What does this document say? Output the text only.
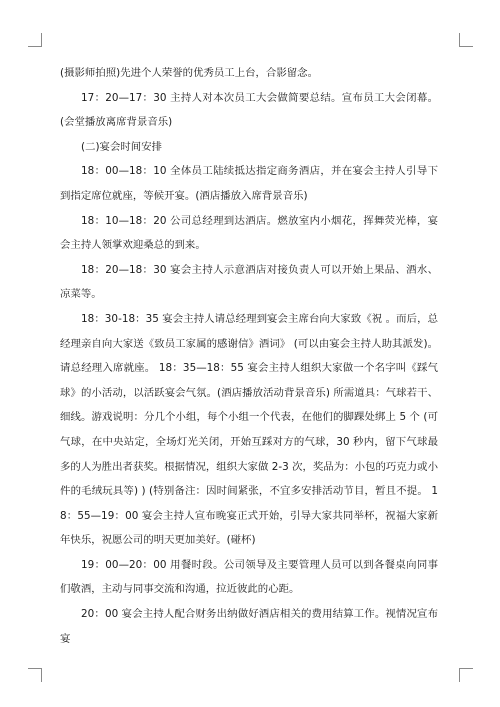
(摄影师拍照)先进个人荣誉的优秀员工上台，合影留念。

17：20—17：30 主持人对本次员工大会做简要总结。宣布员工大会闭幕。(会堂播放离席背景音乐)

(二)宴会时间安排

18：00—18：10 全体员工陆续抵达指定商务酒店，并在宴会主持人引导下到指定席位就座，等候开宴。(酒店播放入席背景音乐)

18：10—18：20 公司总经理到达酒店。燃放室内小烟花，挥舞荧光棒，宴会主持人领掌欢迎桑总的到来。

18：20—18：30 宴会主持人示意酒店对接负责人可以开始上果品、酒水、凉菜等。

18：30-18：35 宴会主持人请总经理到宴会主席台向大家致《祝 。而后，总经理亲自向大家送《致员工家属的感谢信》酒词》 (可以由宴会主持人助其派发)。请总经理入席就座。 18：35—18：55 宴会主持人组织大家做一个名字叫《踩气球》的小活动，以活跃宴会气氛。(酒店播放活动背景音乐) 所需道具：气球若干、细线。游戏说明：分几个小组，每个小组一个代表，在他们的脚踝处绑上 5 个 (可气球，在中央站定，全场灯光关闭，开始互踩对方的气球，30 秒内，留下气球最多的人为胜出者获奖。根据情况，组织大家做 2-3 次，奖品为：小包的巧克力或小件的毛绒玩具等) ) (特别备注：因时间紧张，不宜多安排活动节目，暂且不提。 18：55—19：00 宴会主持人宣布晚宴正式开始，引导大家共同举杯，祝福大家新年快乐，祝愿公司的明天更加美好。(碰杯)

19：00—20：00 用餐时段。公司领导及主要管理人员可以到各餐桌向同事们敬酒，主动与同事交流和沟通，拉近彼此的心距。

20：00 宴会主持人配合财务出纳做好酒店相关的费用结算工作。视情况宣布宴
